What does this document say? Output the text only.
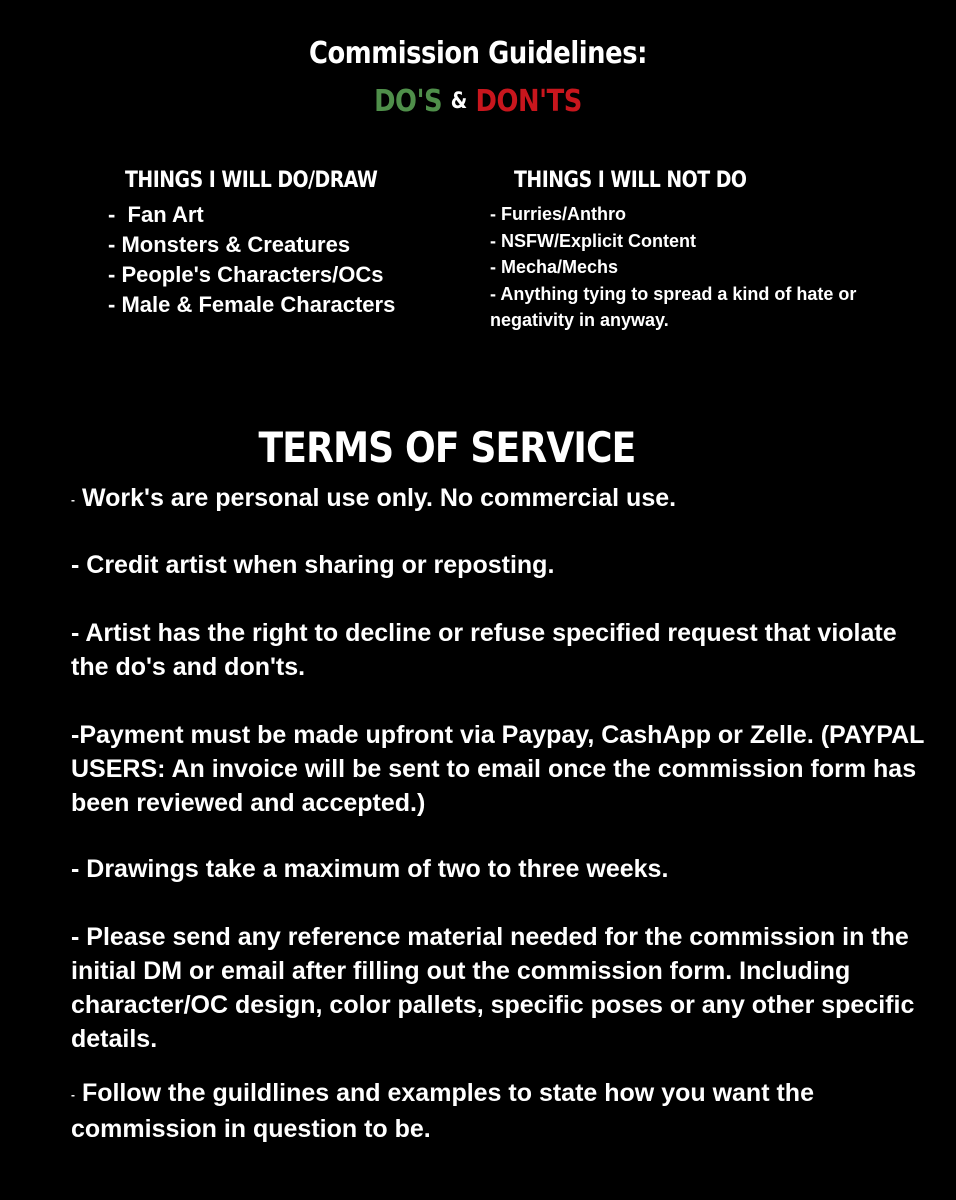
Commission Guidelines:
DO'S & DON'TS
THINGS I WILL DO/DRAW
-  Fan Art
- Monsters & Creatures
- People's Characters/OCs
- Male & Female Characters
THINGS I WILL NOT DO
- Furries/Anthro
- NSFW/Explicit Content
- Mecha/Mechs
- Anything tying to spread a kind of hate or negativity in anyway.
TERMS OF SERVICE

- Work's are personal use only. No commercial use.

- Credit artist when sharing or reposting.

- Artist has the right to decline or refuse specified request that violate the do's and don'ts.

-Payment must be made upfront via Paypay, CashApp or Zelle. (PAYPAL USERS: An invoice will be sent to email once the commission form has been reviewed and accepted.)

- Drawings take a maximum of two to three weeks.

- Please send any reference material needed for the commission in the initial DM or email after filling out the commission form. Including character/OC design, color pallets, specific poses or any other specific details.

- Follow the guildlines and examples to state how you want the commission in question to be.
